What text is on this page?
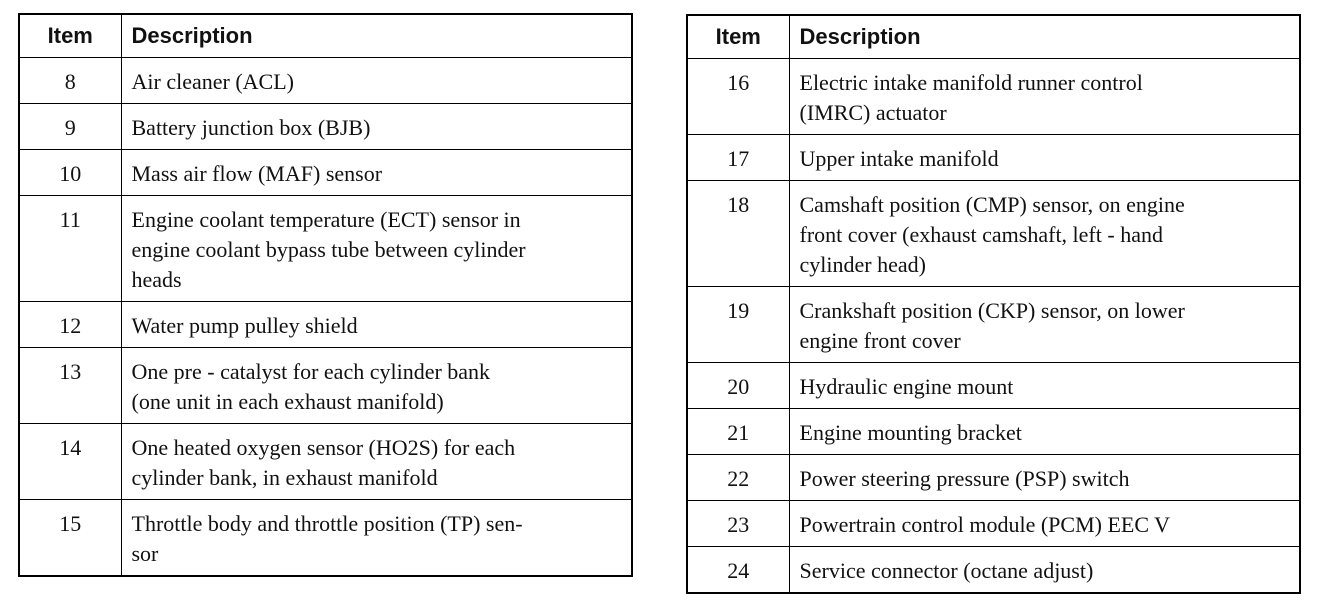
Item	Description
8	Air cleaner (ACL)
9	Battery junction box (BJB)
10	Mass air flow (MAF) sensor
11	Engine coolant temperature (ECT) sensor in
engine coolant bypass tube between cylinder
heads
12	Water pump pulley shield
13	One pre - catalyst for each cylinder bank
(one unit in each exhaust manifold)
14	One heated oxygen sensor (HO2S) for each
cylinder bank, in exhaust manifold
15	Throttle body and throttle position (TP) sen-
sor
Item	Description
16	Electric intake manifold runner control
(IMRC) actuator
17	Upper intake manifold
18	Camshaft position (CMP) sensor, on engine
front cover (exhaust camshaft, left - hand
cylinder head)
19	Crankshaft position (CKP) sensor, on lower
engine front cover
20	Hydraulic engine mount
21	Engine mounting bracket
22	Power steering pressure (PSP) switch
23	Powertrain control module (PCM) EEC V
24	Service connector (octane adjust)
